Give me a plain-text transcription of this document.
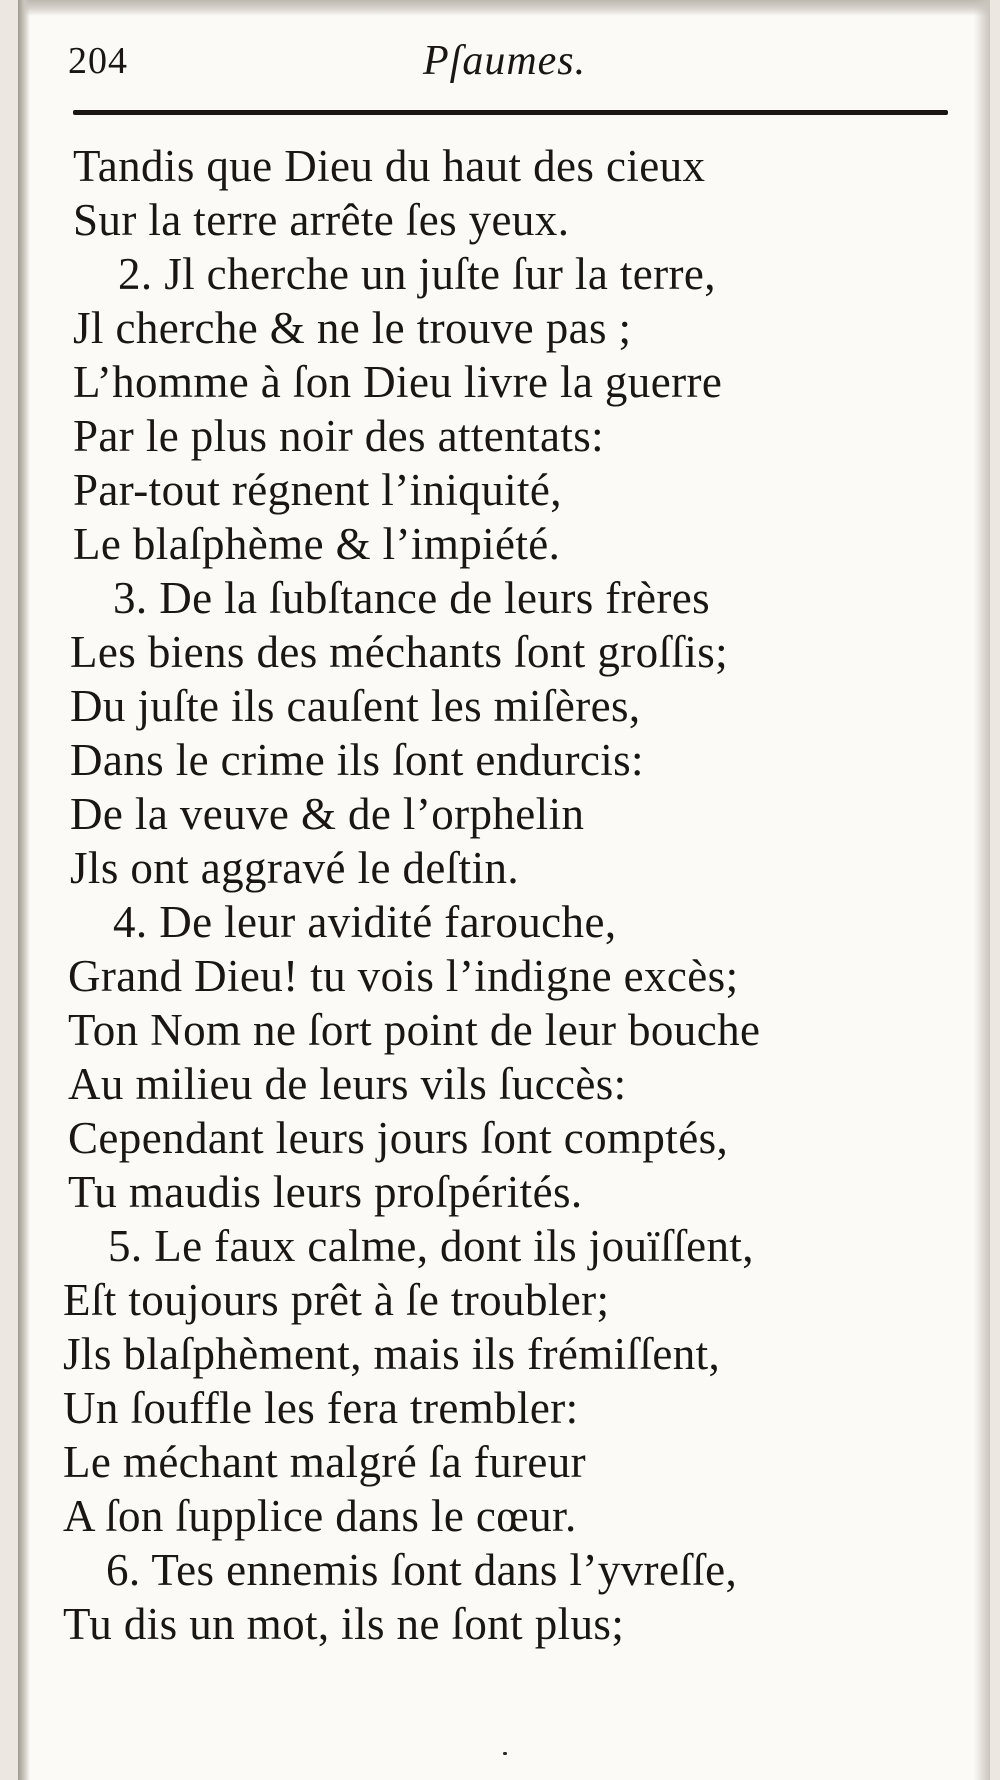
204	Pſaumes.
Tandis que Dieu du haut des cieux
Sur la terre arrête ſes yeux.
2. Jl cherche un juſte ſur la terre,
Jl cherche & ne le trouve pas ;
L’homme à ſon Dieu livre la guerre
Par le plus noir des attentats:
Par-tout régnent l’iniquité,
Le blaſphème & l’impiété.
3. De la ſubſtance de leurs frères
Les biens des méchants ſont groſſis;
Du juſte ils cauſent les miſères,
Dans le crime ils ſont endurcis:
De la veuve & de l’orphelin
Jls ont aggravé le deſtin.
4. De leur avidité farouche,
Grand Dieu! tu vois l’indigne excès;
Ton Nom ne ſort point de leur bouche
Au milieu de leurs vils ſuccès:
Cependant leurs jours ſont comptés,
Tu maudis leurs proſpérités.
5. Le faux calme, dont ils jouïſſent,
Eſt toujours prêt à ſe troubler;
Jls blaſphèment, mais ils frémiſſent,
Un ſouffle les fera trembler:
Le méchant malgré ſa fureur
A ſon ſupplice dans le cœur.
6. Tes ennemis ſont dans l’yvreſſe,
Tu dis un mot, ils ne ſont plus;
